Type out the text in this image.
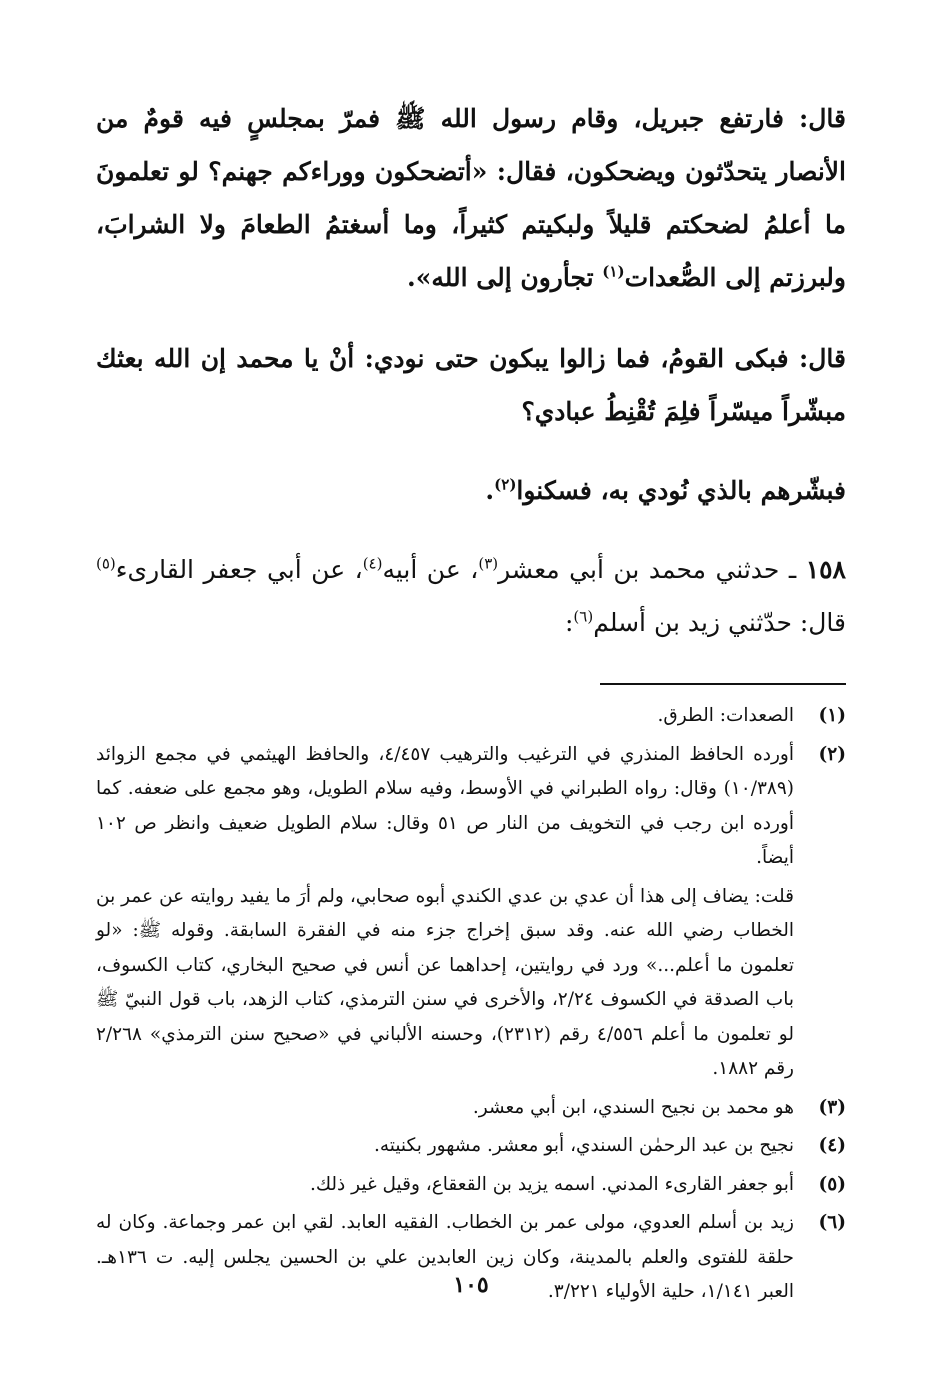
قال: فارتفع جبريل، وقام رسول الله ﷺ فمرّ بمجلسٍ فيه قومٌ من الأنصار يتحدّثون ويضحكون، فقال: «أتضحكون ووراءكم جهنم؟ لو تعلمونَ ما أعلمُ لضحكتم قليلاً ولبكيتم كثيراً، وما أسغتمُ الطعامَ ولا الشرابَ، ولبرزتم إلى الصُّعدات$^{(١)}$ تجأرون إلى الله».

قال: فبكى القومُ، فما زالوا يبكون حتى نودي: أنْ يا محمد إن الله بعثك مبشّراً ميسّراً فلِمَ تُقْنِطُ عبادي؟

فبشّرهم بالذي نُودي به، فسكنوا$^{(٢)}$.

١٥٨ ـ حدثني محمد بن أبي معشر$^{(٣)}$، عن أبيه$^{(٤)}$، عن أبي جعفر القارىء$^{(٥)}$ قال: حدّثني زيد بن أسلم$^{(٦)}$:

(١)

الصعدات: الطرق.

(٢)

أورده الحافظ المنذري في الترغيب والترهيب ٤/٤٥٧، والحافظ الهيثمي في مجمع الزوائد (١٠/٣٨٩) وقال: رواه الطبراني في الأوسط، وفيه سلام الطويل، وهو مجمع على ضعفه. كما أورده ابن رجب في التخويف من النار ص ٥١ وقال: سلام الطويل ضعيف وانظر ص ١٠٢ أيضاً.

قلت: يضاف إلى هذا أن عدي بن عدي الكندي أبوه صحابي، ولم أرَ ما يفيد روايته عن عمر بن الخطاب رضي الله عنه. وقد سبق إخراج جزء منه في الفقرة السابقة. وقوله ﷺ: «لو تعلمون ما أعلم...» ورد في روايتين، إحداهما عن أنس في صحيح البخاري، كتاب الكسوف، باب الصدقة في الكسوف ٢/٢٤، والأخرى في سنن الترمذي، كتاب الزهد، باب قول النبيّ ﷺ لو تعلمون ما أعلم ٤/٥٥٦ رقم (٢٣١٢)، وحسنه الألباني في «صحيح سنن الترمذي» ٢/٢٦٨ رقم ١٨٨٢.

(٣)

هو محمد بن نجيح السندي، ابن أبي معشر.

(٤)

نجيح بن عبد الرحمٰن السندي، أبو معشر. مشهور بكنيته.

(٥)

أبو جعفر القارىء المدني. اسمه يزيد بن القعقاع، وقيل غير ذلك.

(٦)

زيد بن أسلم العدوي، مولى عمر بن الخطاب. الفقيه العابد. لقي ابن عمر وجماعة. وكان له حلقة للفتوى والعلم بالمدينة، وكان زين العابدين علي بن الحسين يجلس إليه. ت ١٣٦هـ. العبر ١/١٤١، حلية الأولياء ٣/٢٢١.

١٠٥
